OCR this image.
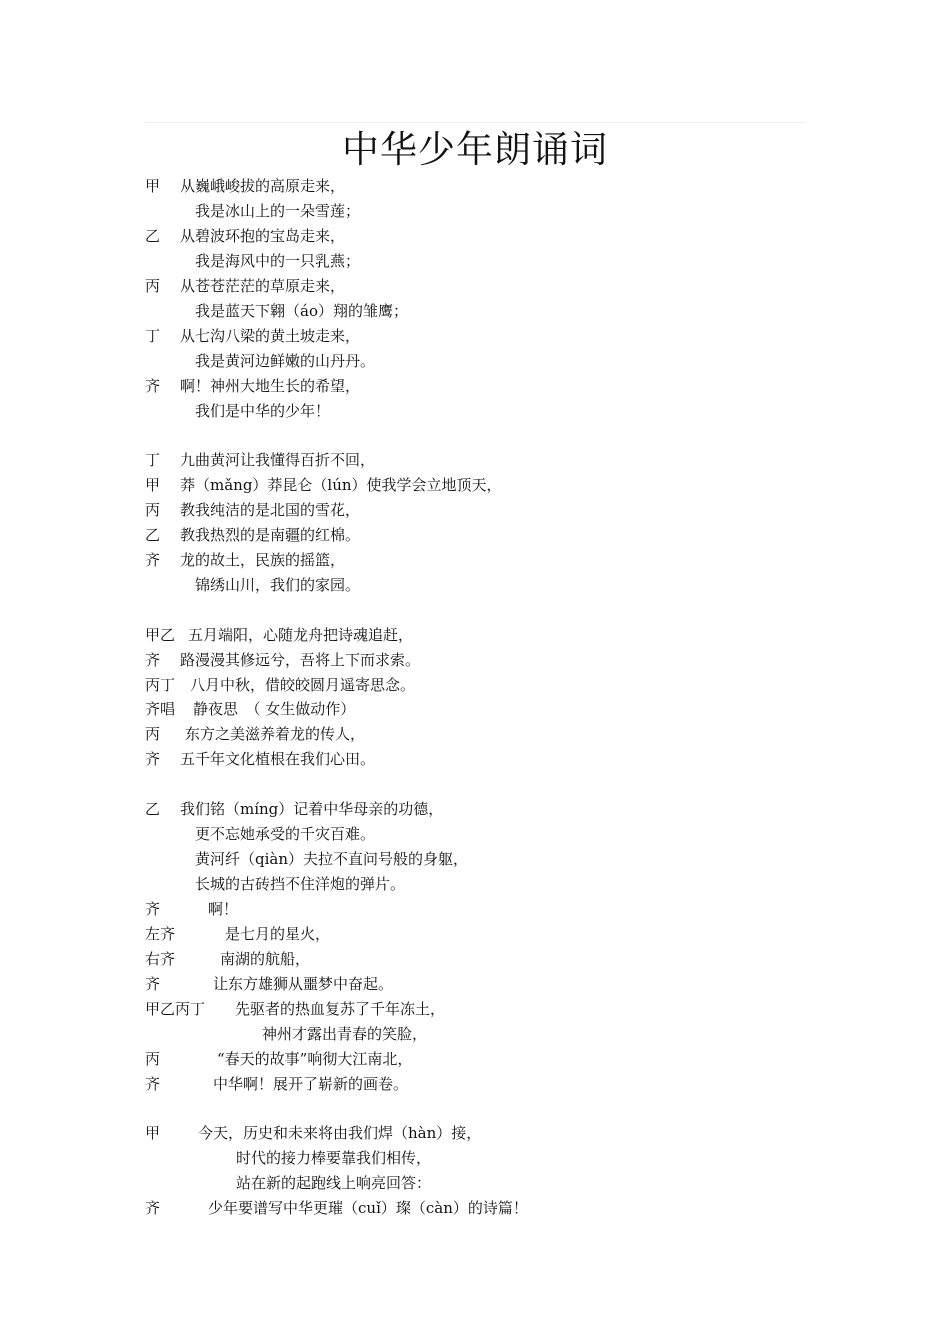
中华少年朗诵词
甲 从巍峨峻拔的高原走来，
我是冰山上的一朵雪莲；
乙 从碧波环抱的宝岛走来，
我是海风中的一只乳燕；
丙 从苍苍茫茫的草原走来，
我是蓝天下翱（áo）翔的雏鹰；
丁 从七沟八梁的黄土坡走来，
我是黄河边鲜嫩的山丹丹。
齐 啊！神州大地生长的希望，
我们是中华的少年！
丁 九曲黄河让我懂得百折不回，
甲 莽（mǎng）莽昆仑（lún）使我学会立地顶天，
丙 教我纯洁的是北国的雪花，
乙 教我热烈的是南疆的红棉。
齐 龙的故土，民族的摇篮，
锦绣山川，我们的家园。
甲乙 五月端阳，心随龙舟把诗魂追赶，
齐 路漫漫其修远兮，吾将上下而求索。
丙丁 八月中秋，借皎皎圆月遥寄思念。
齐唱 静夜思　（ 女生做动作）
丙 东方之美滋养着龙的传人，
齐 五千年文化植根在我们心田。
乙 我们铭（míng）记着中华母亲的功德，
更不忘她承受的千灾百难。
黄河纤（qiàn）夫拉不直问号般的身躯，
长城的古砖挡不住洋炮的弹片。
齐	啊！
左齐	是七月的星火，
右齐	南湖的航船，
齐	让东方雄狮从噩梦中奋起。
甲乙丙丁 先驱者的热血复苏了千年冻土，
神州才露出青春的笑脸，
丙	“春天的故事”响彻大江南北，
齐	中华啊！展开了崭新的画卷。
甲	今天，历史和未来将由我们焊（hàn）接，
时代的接力棒要靠我们相传，
站在新的起跑线上响亮回答：
齐	少年要谱写中华更璀（cuǐ）璨（càn）的诗篇！
